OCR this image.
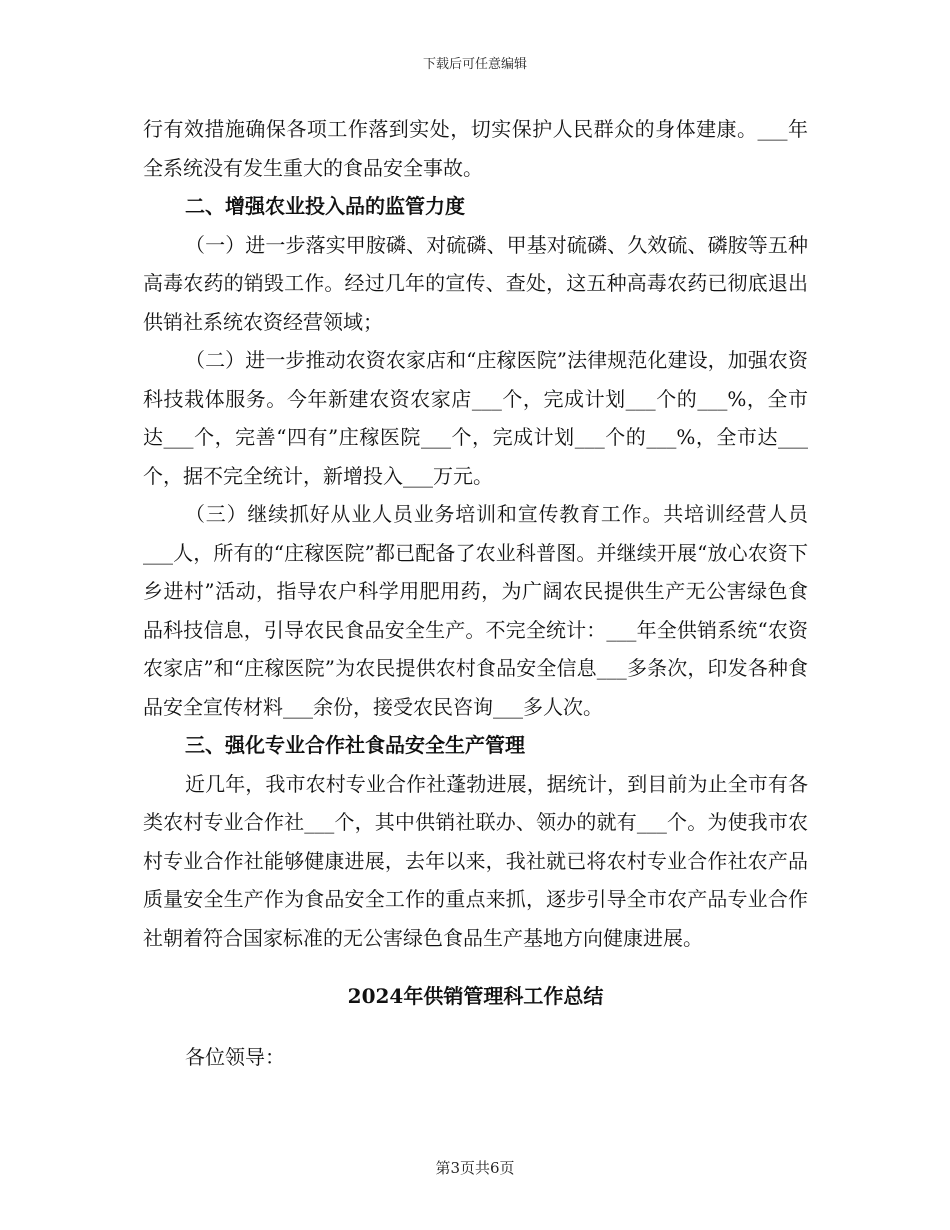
下载后可任意编辑

行有效措施确保各项工作落到实处，切实保护人民群众的身体建康。___年全系统没有发生重大的食品安全事故。

二、增强农业投入品的监管力度

（一）进一步落实甲胺磷、对硫磷、甲基对硫磷、久效硫、磷胺等五种高毒农药的销毁工作。经过几年的宣传、查处，这五种高毒农药已彻底退出供销社系统农资经营领域；

（二）进一步推动农资农家店和“庄稼医院”法律规范化建设，加强农资科技栽体服务。今年新建农资农家店___个，完成计划___个的___%，全市达___个，完善“四有”庄稼医院___个，完成计划___个的___%，全市达___个，据不完全统计，新增投入___万元。

（三）继续抓好从业人员业务培训和宣传教育工作。共培训经营人员___人，所有的“庄稼医院”都已配备了农业科普图。并继续开展“放心农资下乡进村”活动，指导农户科学用肥用药，为广阔农民提供生产无公害绿色食品科技信息，引导农民食品安全生产。不完全统计：___年全供销系统“农资农家店”和“庄稼医院”为农民提供农村食品安全信息___多条次，印发各种食品安全宣传材料___余份，接受农民咨询___多人次。

三、强化专业合作社食品安全生产管理

近几年，我市农村专业合作社蓬勃进展，据统计，到目前为止全市有各类农村专业合作社___个，其中供销社联办、领办的就有___个。为使我市农村专业合作社能够健康进展，去年以来，我社就已将农村专业合作社农产品质量安全生产作为食品安全工作的重点来抓，逐步引导全市农产品专业合作社朝着符合国家标准的无公害绿色食品生产基地方向健康进展。

2024年供销管理科工作总结

各位领导：

第3页共6页
